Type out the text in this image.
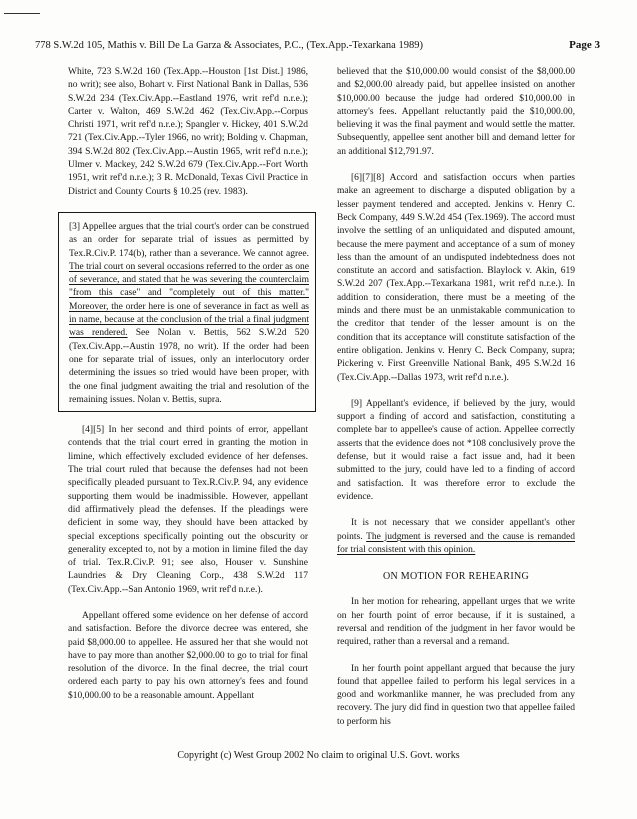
778 S.W.2d 105, Mathis v. Bill De La Garza & Associates, P.C., (Tex.App.-Texarkana 1989)	Page 3

White, 723 S.W.2d 160 (Tex.App.--Houston [1st Dist.] 1986, no writ); see also, Bohart v. First National Bank in Dallas, 536 S.W.2d 234 (Tex.Civ.App.--Eastland 1976, writ ref'd n.r.e.); Carter v. Walton, 469 S.W.2d 462 (Tex.Civ.App.--Corpus Christi 1971, writ ref'd n.r.e.); Spangler v. Hickey, 401 S.W.2d 721 (Tex.Civ.App.--Tyler 1966, no writ); Bolding v. Chapman, 394 S.W.2d 802 (Tex.Civ.App.--Austin 1965, writ ref'd n.r.e.); Ulmer v. Mackey, 242 S.W.2d 679 (Tex.Civ.App.--Fort Worth 1951, writ ref'd n.r.e.); 3 R. McDonald, Texas Civil Practice in District and County Courts § 10.25 (rev. 1983).

[3] Appellee argues that the trial court's order can be construed as an order for separate trial of issues as permitted by Tex.R.Civ.P. 174(b), rather than a severance. We cannot agree. The trial court on several occasions referred to the order as one of severance, and stated that he was severing the counterclaim "from this case" and "completely out of this matter." Moreover, the order here is one of severance in fact as well as in name, because at the conclusion of the trial a final judgment was rendered. See Nolan v. Bettis, 562 S.W.2d 520 (Tex.Civ.App.--Austin 1978, no writ). If the order had been one for separate trial of issues, only an interlocutory order determining the issues so tried would have been proper, with the one final judgment awaiting the trial and resolution of the remaining issues. Nolan v. Bettis, supra.

[4][5] In her second and third points of error, appellant contends that the trial court erred in granting the motion in limine, which effectively excluded evidence of her defenses. The trial court ruled that because the defenses had not been specifically pleaded pursuant to Tex.R.Civ.P. 94, any evidence supporting them would be inadmissible. However, appellant did affirmatively plead the defenses. If the pleadings were deficient in some way, they should have been attacked by special exceptions specifically pointing out the obscurity or generality excepted to, not by a motion in limine filed the day of trial. Tex.R.Civ.P. 91; see also, Houser v. Sunshine Laundries & Dry Cleaning Corp., 438 S.W.2d 117 (Tex.Civ.App.--San Antonio 1969, writ ref'd n.r.e.).

Appellant offered some evidence on her defense of accord and satisfaction. Before the divorce decree was entered, she paid $8,000.00 to appellee. He assured her that she would not have to pay more than another $2,000.00 to go to trial for final resolution of the divorce. In the final decree, the trial court ordered each party to pay his own attorney's fees and found $10,000.00 to be a reasonable amount. Appellant

believed that the $10,000.00 would consist of the $8,000.00 and $2,000.00 already paid, but appellee insisted on another $10,000.00 because the judge had ordered $10,000.00 in attorney's fees. Appellant reluctantly paid the $10,000.00, believing it was the final payment and would settle the matter. Subsequently, appellee sent another bill and demand letter for an additional $12,791.97.

[6][7][8] Accord and satisfaction occurs when parties make an agreement to discharge a disputed obligation by a lesser payment tendered and accepted. Jenkins v. Henry C. Beck Company, 449 S.W.2d 454 (Tex.1969). The accord must involve the settling of an unliquidated and disputed amount, because the mere payment and acceptance of a sum of money less than the amount of an undisputed indebtedness does not constitute an accord and satisfaction. Blaylock v. Akin, 619 S.W.2d 207 (Tex.App.--Texarkana 1981, writ ref'd n.r.e.). In addition to consideration, there must be a meeting of the minds and there must be an unmistakable communication to the creditor that tender of the lesser amount is on the condition that its acceptance will constitute satisfaction of the entire obligation. Jenkins v. Henry C. Beck Company, supra; Pickering v. First Greenville National Bank, 495 S.W.2d 16 (Tex.Civ.App.--Dallas 1973, writ ref'd n.r.e.).

[9] Appellant's evidence, if believed by the jury, would support a finding of accord and satisfaction, constituting a complete bar to appellee's cause of action. Appellee correctly asserts that the evidence does not *108 conclusively prove the defense, but it would raise a fact issue and, had it been submitted to the jury, could have led to a finding of accord and satisfaction. It was therefore error to exclude the evidence.

It is not necessary that we consider appellant's other points. The judgment is reversed and the cause is remanded for trial consistent with this opinion.

ON MOTION FOR REHEARING

In her motion for rehearing, appellant urges that we write on her fourth point of error because, if it is sustained, a reversal and rendition of the judgment in her favor would be required, rather than a reversal and a remand.

In her fourth point appellant argued that because the jury found that appellee failed to perform his legal services in a good and workmanlike manner, he was precluded from any recovery. The jury did find in question two that appellee failed to perform his

Copyright (c) West Group 2002 No claim to original U.S. Govt. works
